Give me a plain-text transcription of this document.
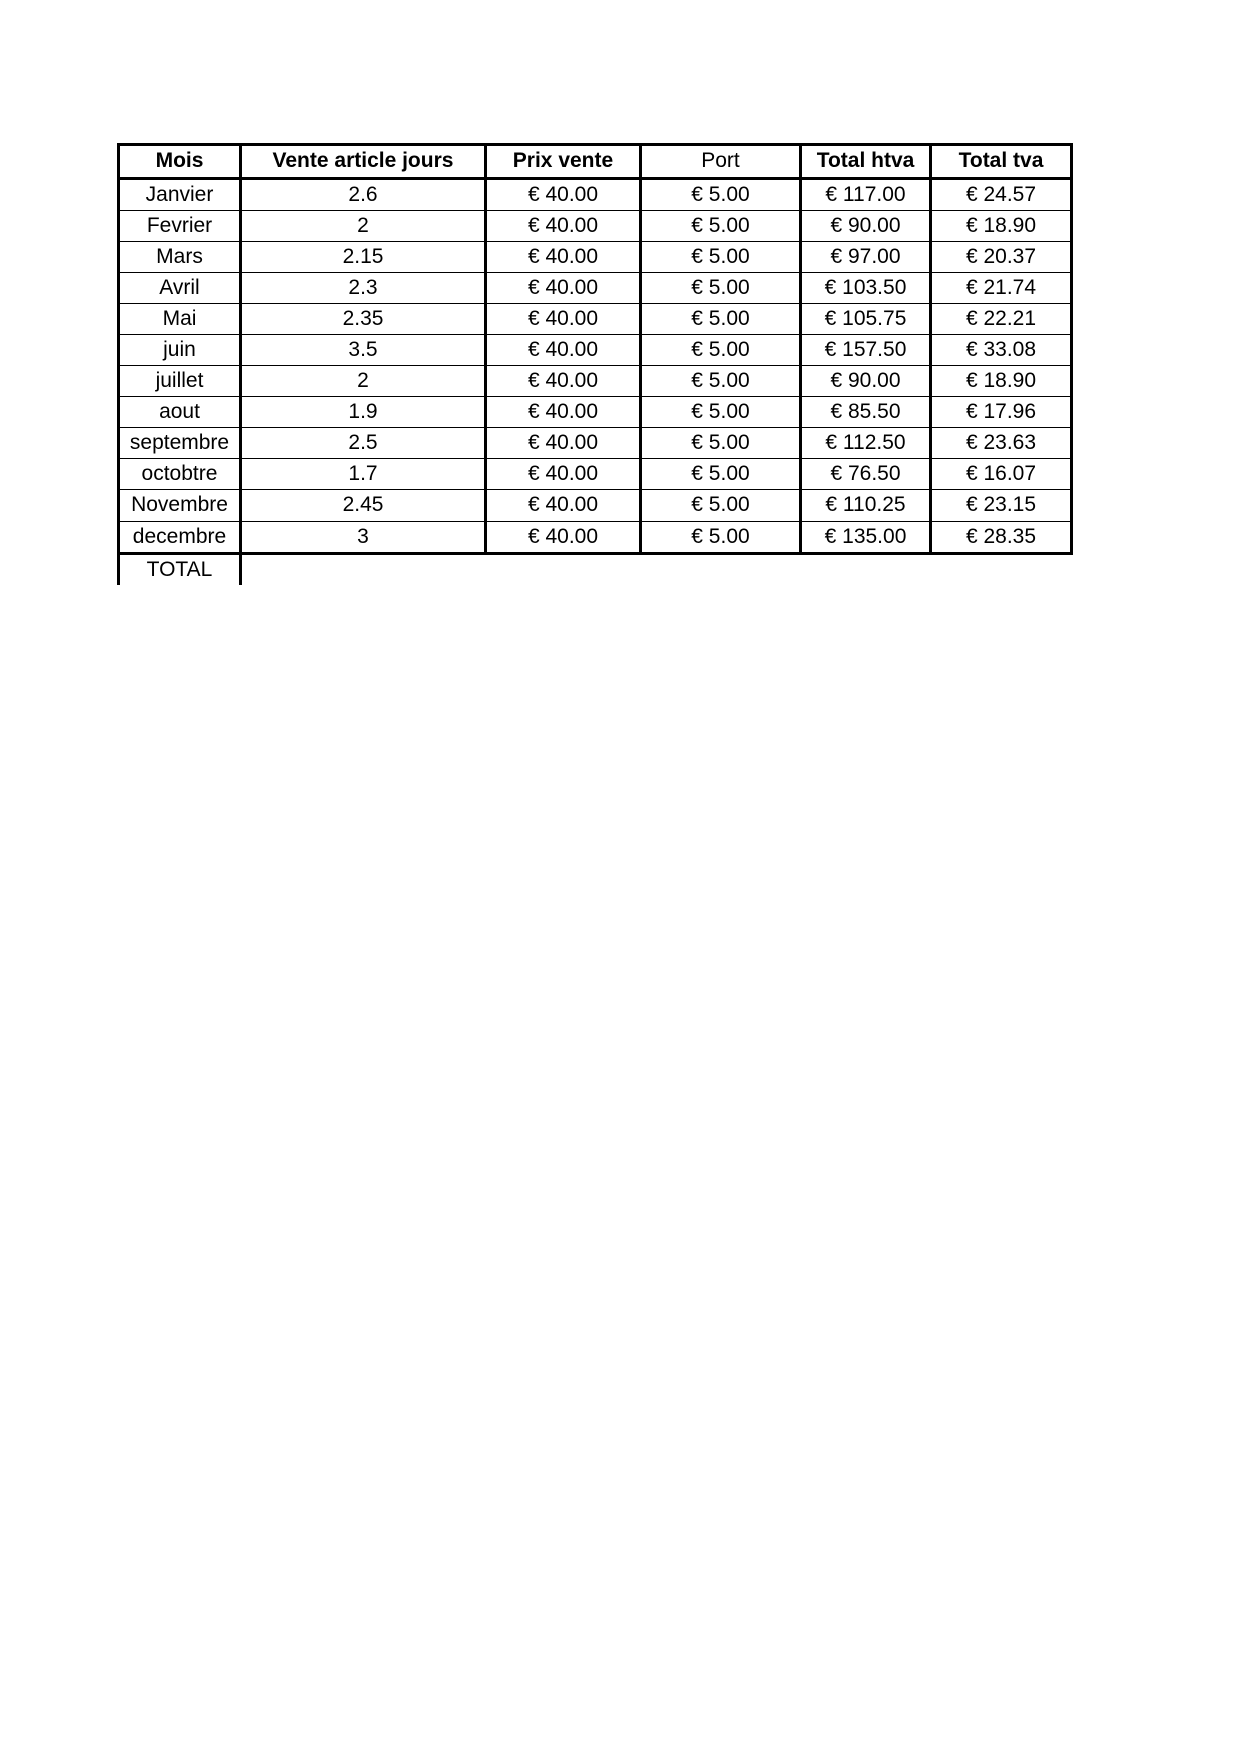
Mois	Vente article jours	Prix vente	Port	Total htva	Total tva
Janvier	2.6	€ 40.00	€ 5.00	€ 117.00	€ 24.57
Fevrier	2	€ 40.00	€ 5.00	€ 90.00	€ 18.90
Mars	2.15	€ 40.00	€ 5.00	€ 97.00	€ 20.37
Avril	2.3	€ 40.00	€ 5.00	€ 103.50	€ 21.74
Mai	2.35	€ 40.00	€ 5.00	€ 105.75	€ 22.21
juin	3.5	€ 40.00	€ 5.00	€ 157.50	€ 33.08
juillet	2	€ 40.00	€ 5.00	€ 90.00	€ 18.90
aout	1.9	€ 40.00	€ 5.00	€ 85.50	€ 17.96
septembre	2.5	€ 40.00	€ 5.00	€ 112.50	€ 23.63
octobtre	1.7	€ 40.00	€ 5.00	€ 76.50	€ 16.07
Novembre	2.45	€ 40.00	€ 5.00	€ 110.25	€ 23.15
decembre	3	€ 40.00	€ 5.00	€ 135.00	€ 28.35
TOTAL					
